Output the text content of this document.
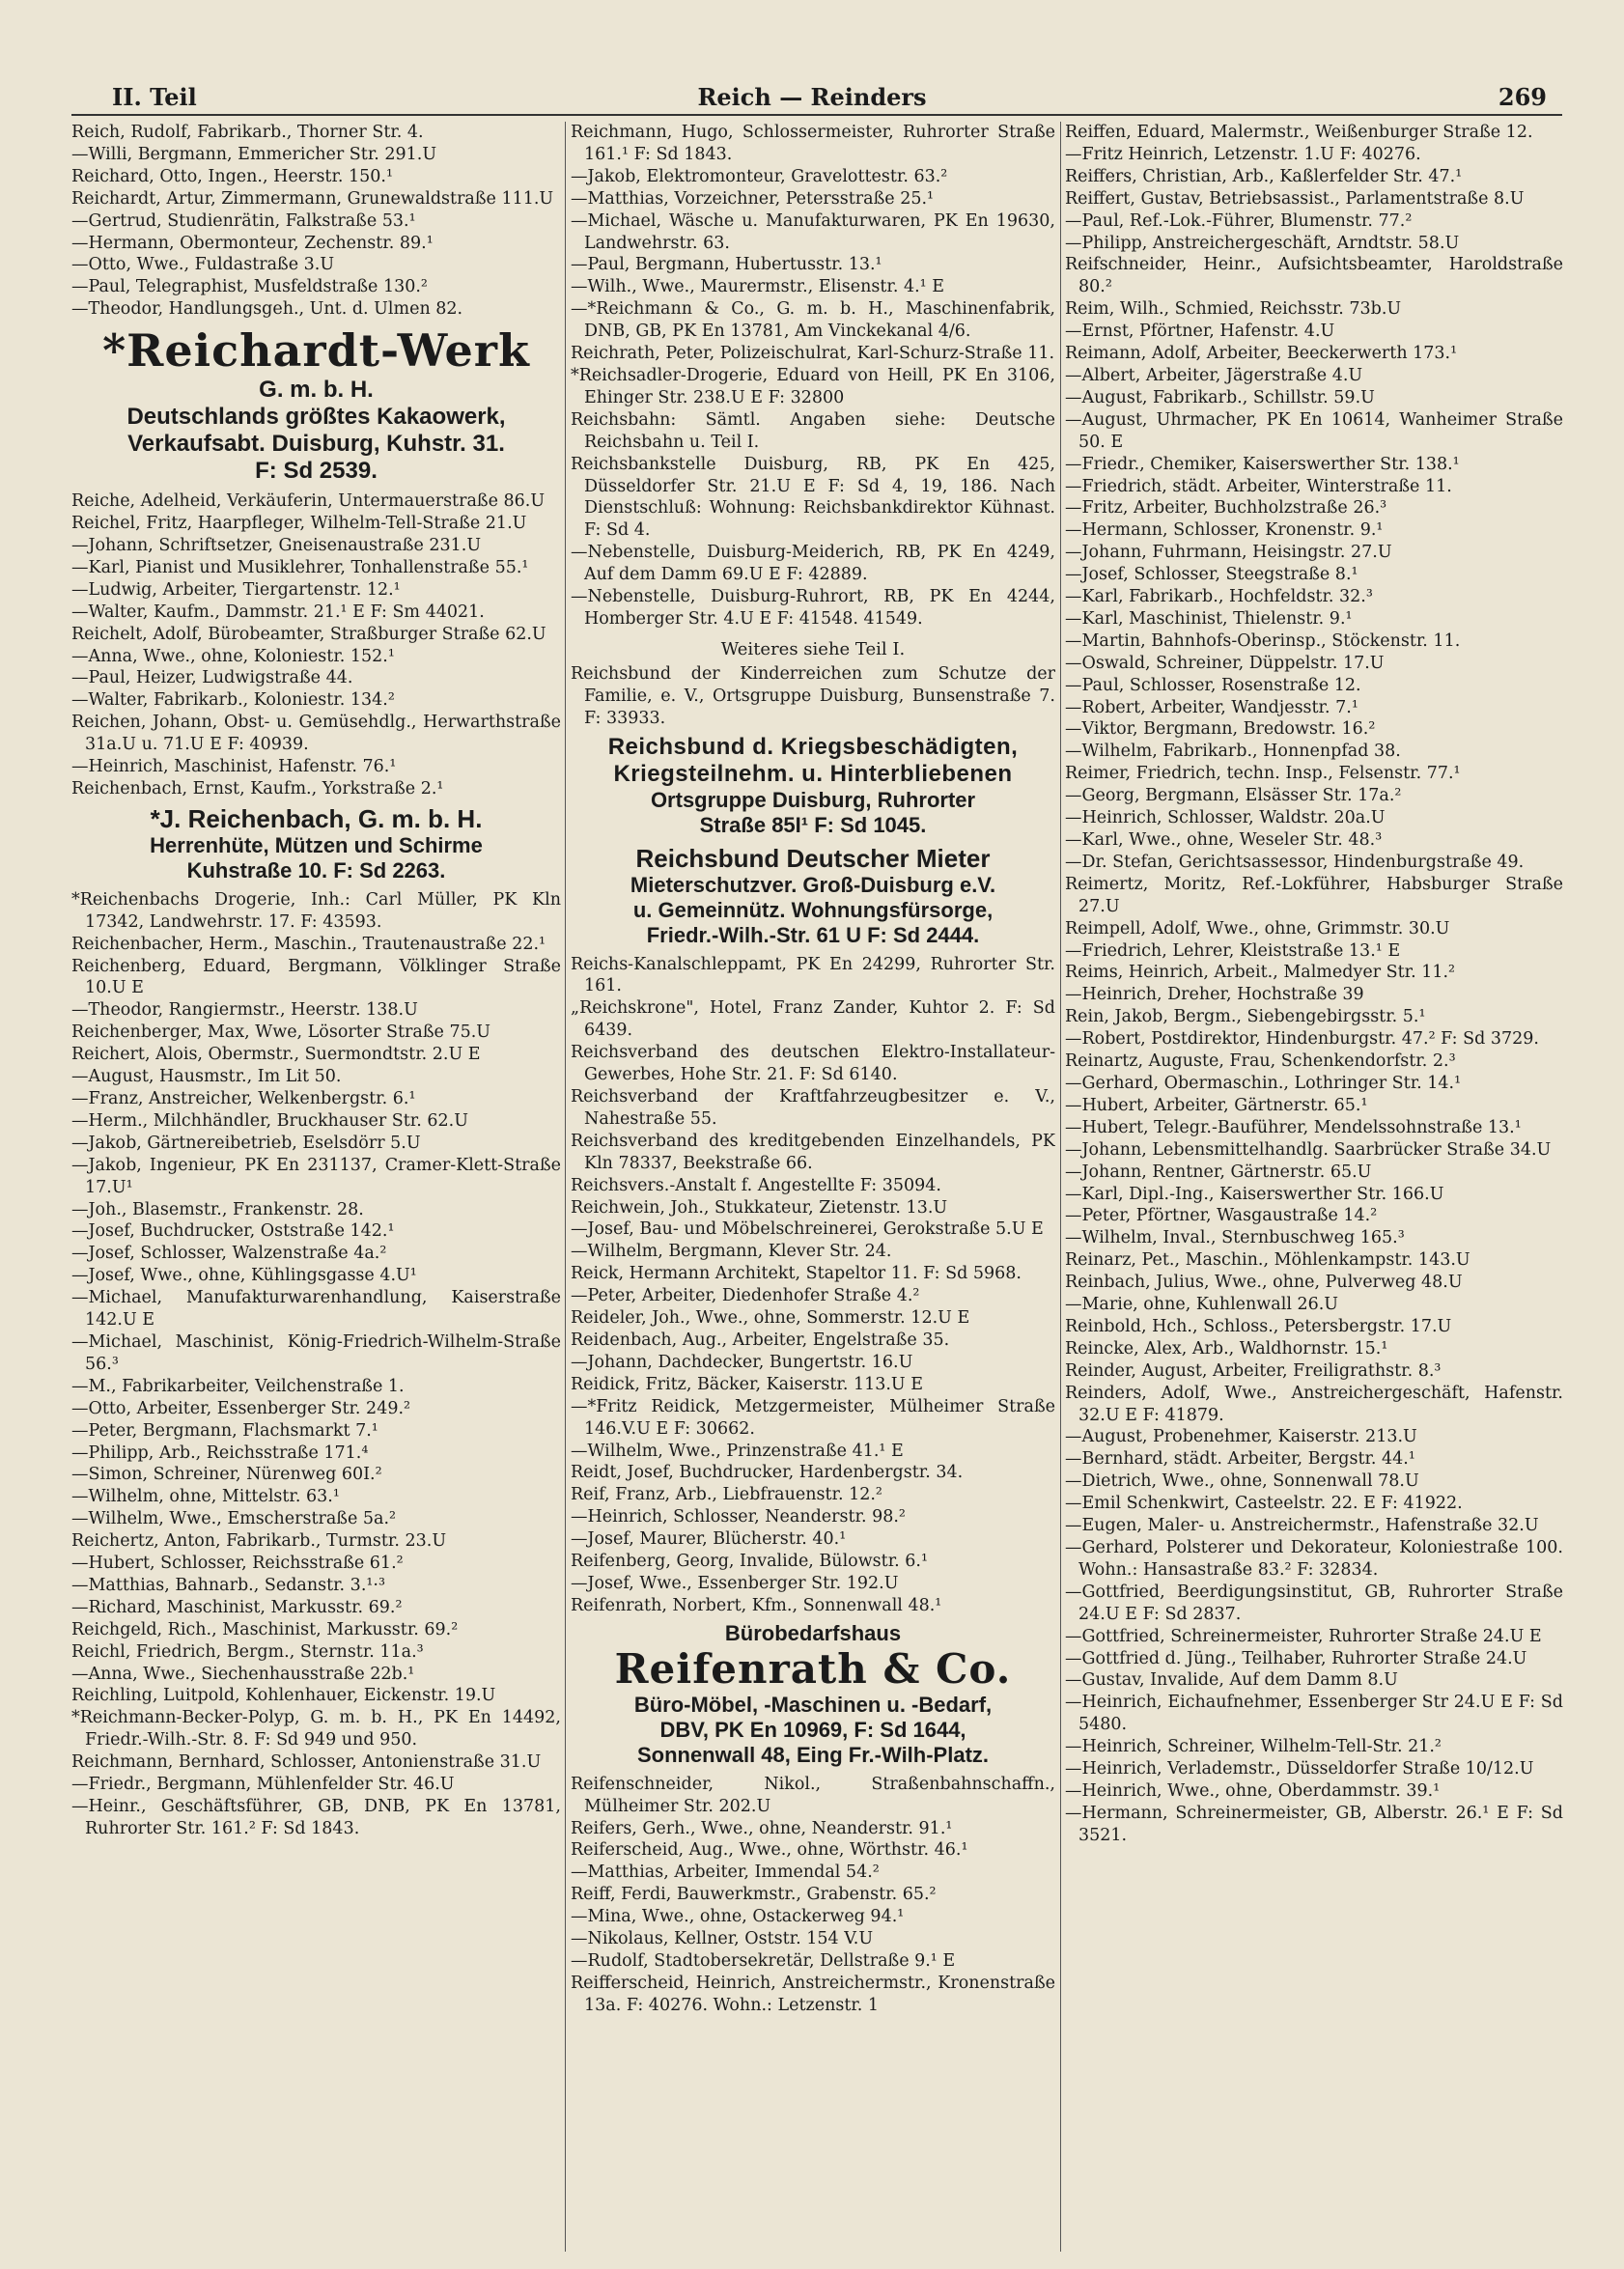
II. Teil	Reich — Reinders	269

Reich, Rudolf, Fabrikarb., Thorner Str. 4.

—Willi, Bergmann, Emmericher Str. 291.U

Reichard, Otto, Ingen., Heerstr. 150.¹

Reichardt, Artur, Zimmermann, Grunewaldstraße 111.U

—Gertrud, Studienrätin, Falkstraße 53.¹

—Hermann, Obermonteur, Zechenstr. 89.¹

—Otto, Wwe., Fuldastraße 3.U

—Paul, Telegraphist, Musfeldstraße 130.²

—Theodor, Handlungsgeh., Unt. d. Ulmen 82.

*Reichardt-Werk
G. m. b. H.
Deutschlands größtes Kakaowerk,
Verkaufsabt. Duisburg, Kuhstr. 31.
F: Sd 2539.

Reiche, Adelheid, Verkäuferin, Untermauerstraße 86.U

Reichel, Fritz, Haarpfleger, Wilhelm-Tell-Straße 21.U

—Johann, Schriftsetzer, Gneisenaustraße 231.U

—Karl, Pianist und Musiklehrer, Tonhallenstraße 55.¹

—Ludwig, Arbeiter, Tiergartenstr. 12.¹

—Walter, Kaufm., Dammstr. 21.¹ E F: Sm 44021.

Reichelt, Adolf, Bürobeamter, Straßburger Straße 62.U

—Anna, Wwe., ohne, Koloniestr. 152.¹

—Paul, Heizer, Ludwigstraße 44.

—Walter, Fabrikarb., Koloniestr. 134.²

Reichen, Johann, Obst- u. Gemüsehdlg., Herwarthstraße 31a.U u. 71.U E F: 40939.

—Heinrich, Maschinist, Hafenstr. 76.¹

Reichenbach, Ernst, Kaufm., Yorkstraße 2.¹

*J. Reichenbach, G. m. b. H.
Herrenhüte, Mützen und Schirme
Kuhstraße 10. F: Sd 2263.

*Reichenbachs Drogerie, Inh.: Carl Müller, PK Kln 17342, Landwehrstr. 17. F: 43593.

Reichenbacher, Herm., Maschin., Trautenaustraße 22.¹

Reichenberg, Eduard, Bergmann, Völklinger Straße 10.U E

—Theodor, Rangiermstr., Heerstr. 138.U

Reichenberger, Max, Wwe, Lösorter Straße 75.U

Reichert, Alois, Obermstr., Suermondtstr. 2.U E

—August, Hausmstr., Im Lit 50.

—Franz, Anstreicher, Welkenbergstr. 6.¹

—Herm., Milchhändler, Bruckhauser Str. 62.U

—Jakob, Gärtnereibetrieb, Eselsdörr 5.U

—Jakob, Ingenieur, PK En 231137, Cramer-Klett-Straße 17.U¹

—Joh., Blasemstr., Frankenstr. 28.

—Josef, Buchdrucker, Oststraße 142.¹

—Josef, Schlosser, Walzenstraße 4a.²

—Josef, Wwe., ohne, Kühlingsgasse 4.U¹

—Michael, Manufakturwarenhandlung, Kaiserstraße 142.U E

—Michael, Maschinist, König-Friedrich-Wilhelm-Straße 56.³

—M., Fabrikarbeiter, Veilchenstraße 1.

—Otto, Arbeiter, Essenberger Str. 249.²

—Peter, Bergmann, Flachsmarkt 7.¹

—Philipp, Arb., Reichsstraße 171.⁴

—Simon, Schreiner, Nürenweg 60I.²

—Wilhelm, ohne, Mittelstr. 63.¹

—Wilhelm, Wwe., Emscherstraße 5a.²

Reichertz, Anton, Fabrikarb., Turmstr. 23.U

—Hubert, Schlosser, Reichsstraße 61.²

—Matthias, Bahnarb., Sedanstr. 3.¹·³

—Richard, Maschinist, Markusstr. 69.²

Reichgeld, Rich., Maschinist, Markusstr. 69.²

Reichl, Friedrich, Bergm., Sternstr. 11a.³

—Anna, Wwe., Siechenhausstraße 22b.¹

Reichling, Luitpold, Kohlenhauer, Eickenstr. 19.U

*Reichmann-Becker-Polyp, G. m. b. H., PK En 14492, Friedr.-Wilh.-Str. 8. F: Sd 949 und 950.

Reichmann, Bernhard, Schlosser, Antonienstraße 31.U

—Friedr., Bergmann, Mühlenfelder Str. 46.U

—Heinr., Geschäftsführer, GB, DNB, PK En 13781, Ruhrorter Str. 161.² F: Sd 1843.

Reichmann, Hugo, Schlossermeister, Ruhrorter Straße 161.¹ F: Sd 1843.

—Jakob, Elektromonteur, Gravelottestr. 63.²

—Matthias, Vorzeichner, Petersstraße 25.¹

—Michael, Wäsche u. Manufakturwaren, PK En 19630, Landwehrstr. 63.

—Paul, Bergmann, Hubertusstr. 13.¹

—Wilh., Wwe., Maurermstr., Elisenstr. 4.¹ E

—*Reichmann & Co., G. m. b. H., Maschinenfabrik, DNB, GB, PK En 13781, Am Vinckekanal 4/6.

Reichrath, Peter, Polizeischulrat, Karl-Schurz-Straße 11.

*Reichsadler-Drogerie, Eduard von Heill, PK En 3106, Ehinger Str. 238.U E F: 32800

Reichsbahn: Sämtl. Angaben siehe: Deutsche Reichsbahn u. Teil I.

Reichsbankstelle Duisburg, RB, PK En 425, Düsseldorfer Str. 21.U E F: Sd 4, 19, 186. Nach Dienstschluß: Wohnung: Reichsbankdirektor Kühnast. F: Sd 4.

—Nebenstelle, Duisburg-Meiderich, RB, PK En 4249, Auf dem Damm 69.U E F: 42889.

—Nebenstelle, Duisburg-Ruhrort, RB, PK En 4244, Homberger Str. 4.U E F: 41548. 41549.

Weiteres siehe Teil I.

Reichsbund der Kinderreichen zum Schutze der Familie, e. V., Ortsgruppe Duisburg, Bunsenstraße 7. F: 33933.

Reichsbund d. Kriegsbeschädigten,
Kriegsteilnehm. u. Hinterbliebenen
Ortsgruppe Duisburg, Ruhrorter
Straße 85I¹ F: Sd 1045.
Reichsbund Deutscher Mieter
Mieterschutzver. Groß-Duisburg e.V.
u. Gemeinnütz. Wohnungsfürsorge,
Friedr.-Wilh.-Str. 61 U F: Sd 2444.

Reichs-Kanalschleppamt, PK En 24299, Ruhrorter Str. 161.

„Reichskrone", Hotel, Franz Zander, Kuhtor 2. F: Sd 6439.

Reichsverband des deutschen Elektro-Installateur-Gewerbes, Hohe Str. 21. F: Sd 6140.

Reichsverband der Kraftfahrzeugbesitzer e. V., Nahestraße 55.

Reichsverband des kreditgebenden Einzelhandels, PK Kln 78337, Beekstraße 66.

Reichsvers.-Anstalt f. Angestellte F: 35094.

Reichwein, Joh., Stukkateur, Zietenstr. 13.U

—Josef, Bau- und Möbelschreinerei, Gerokstraße 5.U E

—Wilhelm, Bergmann, Klever Str. 24.

Reick, Hermann Architekt, Stapeltor 11. F: Sd 5968.

—Peter, Arbeiter, Diedenhofer Straße 4.²

Reideler, Joh., Wwe., ohne, Sommerstr. 12.U E

Reidenbach, Aug., Arbeiter, Engelstraße 35.

—Johann, Dachdecker, Bungertstr. 16.U

Reidick, Fritz, Bäcker, Kaiserstr. 113.U E

—*Fritz Reidick, Metzgermeister, Mülheimer Straße 146.V.U E F: 30662.

—Wilhelm, Wwe., Prinzenstraße 41.¹ E

Reidt, Josef, Buchdrucker, Hardenbergstr. 34.

Reif, Franz, Arb., Liebfrauenstr. 12.²

—Heinrich, Schlosser, Neanderstr. 98.²

—Josef, Maurer, Blücherstr. 40.¹

Reifenberg, Georg, Invalide, Bülowstr. 6.¹

—Josef, Wwe., Essenberger Str. 192.U

Reifenrath, Norbert, Kfm., Sonnenwall 48.¹

Bürobedarfshaus
Reifenrath & Co.
Büro-Möbel, -Maschinen u. -Bedarf,
DBV, PK En 10969, F: Sd 1644,
Sonnenwall 48, Eing Fr.-Wilh-Platz.

Reifenschneider, Nikol., Straßenbahnschaffn., Mülheimer Str. 202.U

Reifers, Gerh., Wwe., ohne, Neanderstr. 91.¹

Reiferscheid, Aug., Wwe., ohne, Wörthstr. 46.¹

—Matthias, Arbeiter, Immendal 54.²

Reiff, Ferdi, Bauwerkmstr., Grabenstr. 65.²

—Mina, Wwe., ohne, Ostackerweg 94.¹

—Nikolaus, Kellner, Oststr. 154 V.U

—Rudolf, Stadtobersekretär, Dellstraße 9.¹ E

Reifferscheid, Heinrich, Anstreichermstr., Kronenstraße 13a. F: 40276. Wohn.: Letzenstr. 1

Reiffen, Eduard, Malermstr., Weißenburger Straße 12.

—Fritz Heinrich, Letzenstr. 1.U F: 40276.

Reiffers, Christian, Arb., Kaßlerfelder Str. 47.¹

Reiffert, Gustav, Betriebsassist., Parlamentstraße 8.U

—Paul, Ref.-Lok.-Führer, Blumenstr. 77.²

—Philipp, Anstreichergeschäft, Arndtstr. 58.U

Reifschneider, Heinr., Aufsichtsbeamter, Haroldstraße 80.²

Reim, Wilh., Schmied, Reichsstr. 73b.U

—Ernst, Pförtner, Hafenstr. 4.U

Reimann, Adolf, Arbeiter, Beeckerwerth 173.¹

—Albert, Arbeiter, Jägerstraße 4.U

—August, Fabrikarb., Schillstr. 59.U

—August, Uhrmacher, PK En 10614, Wanheimer Straße 50. E

—Friedr., Chemiker, Kaiserswerther Str. 138.¹

—Friedrich, städt. Arbeiter, Winterstraße 11.

—Fritz, Arbeiter, Buchholzstraße 26.³

—Hermann, Schlosser, Kronenstr. 9.¹

—Johann, Fuhrmann, Heisingstr. 27.U

—Josef, Schlosser, Steegstraße 8.¹

—Karl, Fabrikarb., Hochfeldstr. 32.³

—Karl, Maschinist, Thielenstr. 9.¹

—Martin, Bahnhofs-Oberinsp., Stöckenstr. 11.

—Oswald, Schreiner, Düppelstr. 17.U

—Paul, Schlosser, Rosenstraße 12.

—Robert, Arbeiter, Wandjesstr. 7.¹

—Viktor, Bergmann, Bredowstr. 16.²

—Wilhelm, Fabrikarb., Honnenpfad 38.

Reimer, Friedrich, techn. Insp., Felsenstr. 77.¹

—Georg, Bergmann, Elsässer Str. 17a.²

—Heinrich, Schlosser, Waldstr. 20a.U

—Karl, Wwe., ohne, Weseler Str. 48.³

—Dr. Stefan, Gerichtsassessor, Hindenburgstraße 49.

Reimertz, Moritz, Ref.-Lokführer, Habsburger Straße 27.U

Reimpell, Adolf, Wwe., ohne, Grimmstr. 30.U

—Friedrich, Lehrer, Kleiststraße 13.¹ E

Reims, Heinrich, Arbeit., Malmedyer Str. 11.²

—Heinrich, Dreher, Hochstraße 39

Rein, Jakob, Bergm., Siebengebirgsstr. 5.¹

—Robert, Postdirektor, Hindenburgstr. 47.² F: Sd 3729.

Reinartz, Auguste, Frau, Schenkendorfstr. 2.³

—Gerhard, Obermaschin., Lothringer Str. 14.¹

—Hubert, Arbeiter, Gärtnerstr. 65.¹

—Hubert, Telegr.-Bauführer, Mendelssohnstraße 13.¹

—Johann, Lebensmittelhandlg. Saarbrücker Straße 34.U

—Johann, Rentner, Gärtnerstr. 65.U

—Karl, Dipl.-Ing., Kaiserswerther Str. 166.U

—Peter, Pförtner, Wasgaustraße 14.²

—Wilhelm, Inval., Sternbuschweg 165.³

Reinarz, Pet., Maschin., Möhlenkampstr. 143.U

Reinbach, Julius, Wwe., ohne, Pulverweg 48.U

—Marie, ohne, Kuhlenwall 26.U

Reinbold, Hch., Schloss., Petersbergstr. 17.U

Reincke, Alex, Arb., Waldhornstr. 15.¹

Reinder, August, Arbeiter, Freiligrathstr. 8.³

Reinders, Adolf, Wwe., Anstreichergeschäft, Hafenstr. 32.U E F: 41879.

—August, Probenehmer, Kaiserstr. 213.U

—Bernhard, städt. Arbeiter, Bergstr. 44.¹

—Dietrich, Wwe., ohne, Sonnenwall 78.U

—Emil Schenkwirt, Casteelstr. 22. E F: 41922.

—Eugen, Maler- u. Anstreichermstr., Hafenstraße 32.U

—Gerhard, Polsterer und Dekorateur, Koloniestraße 100. Wohn.: Hansastraße 83.² F: 32834.

—Gottfried, Beerdigungsinstitut, GB, Ruhrorter Straße 24.U E F: Sd 2837.

—Gottfried, Schreinermeister, Ruhrorter Straße 24.U E

—Gottfried d. Jüng., Teilhaber, Ruhrorter Straße 24.U

—Gustav, Invalide, Auf dem Damm 8.U

—Heinrich, Eichaufnehmer, Essenberger Str 24.U E F: Sd 5480.

—Heinrich, Schreiner, Wilhelm-Tell-Str. 21.²

—Heinrich, Verlademstr., Düsseldorfer Straße 10/12.U

—Heinrich, Wwe., ohne, Oberdammstr. 39.¹

—Hermann, Schreinermeister, GB, Alberstr. 26.¹ E F: Sd 3521.
